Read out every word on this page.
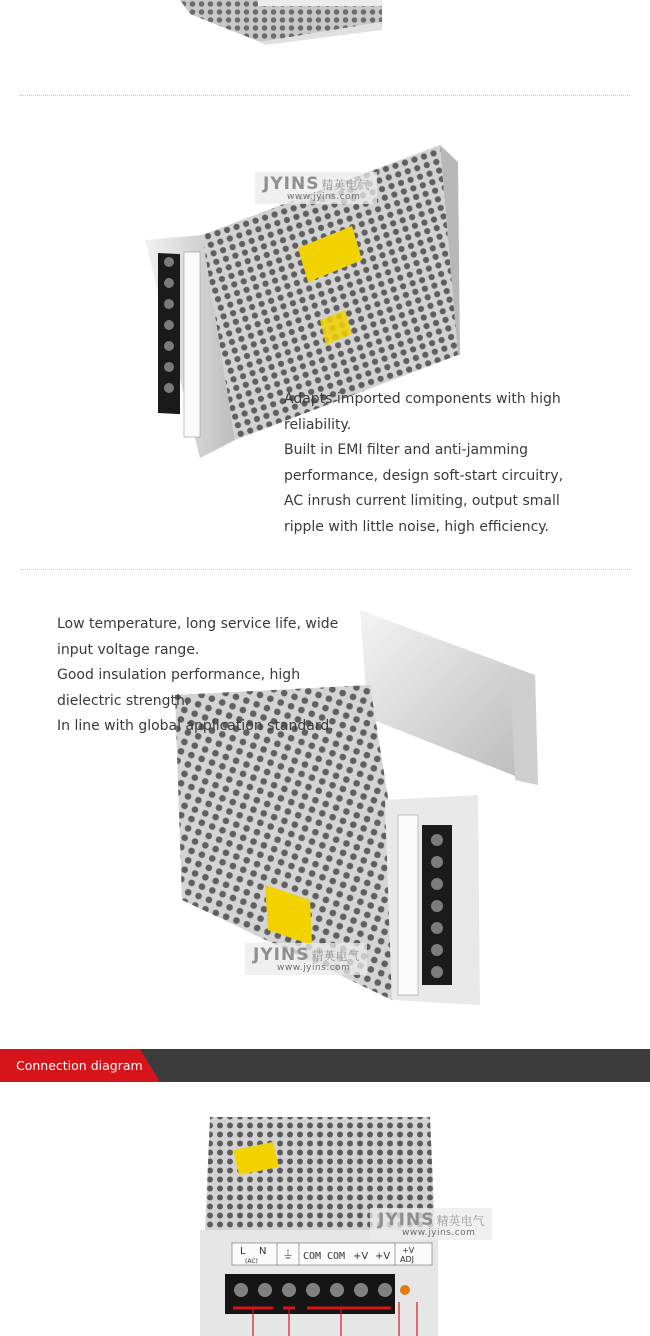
JYINS 精英电气
www.jyins.com

Adapts imported components with high reliability.

Built in EMI filter and anti-jamming performance, design soft-start circuitry, AC inrush current limiting, output small ripple with little noise, high efficiency.

Low temperature, long service life, wide input voltage range.

Good insulation performance, high dielectric strength.

In line with global application standard.

JYINS 精英电气
www.jyins.com
Connection diagram
L N
(AC) ⏚ COM COM +V +V
+V
ADJ
JYINS 精英电气
www.jyins.com
